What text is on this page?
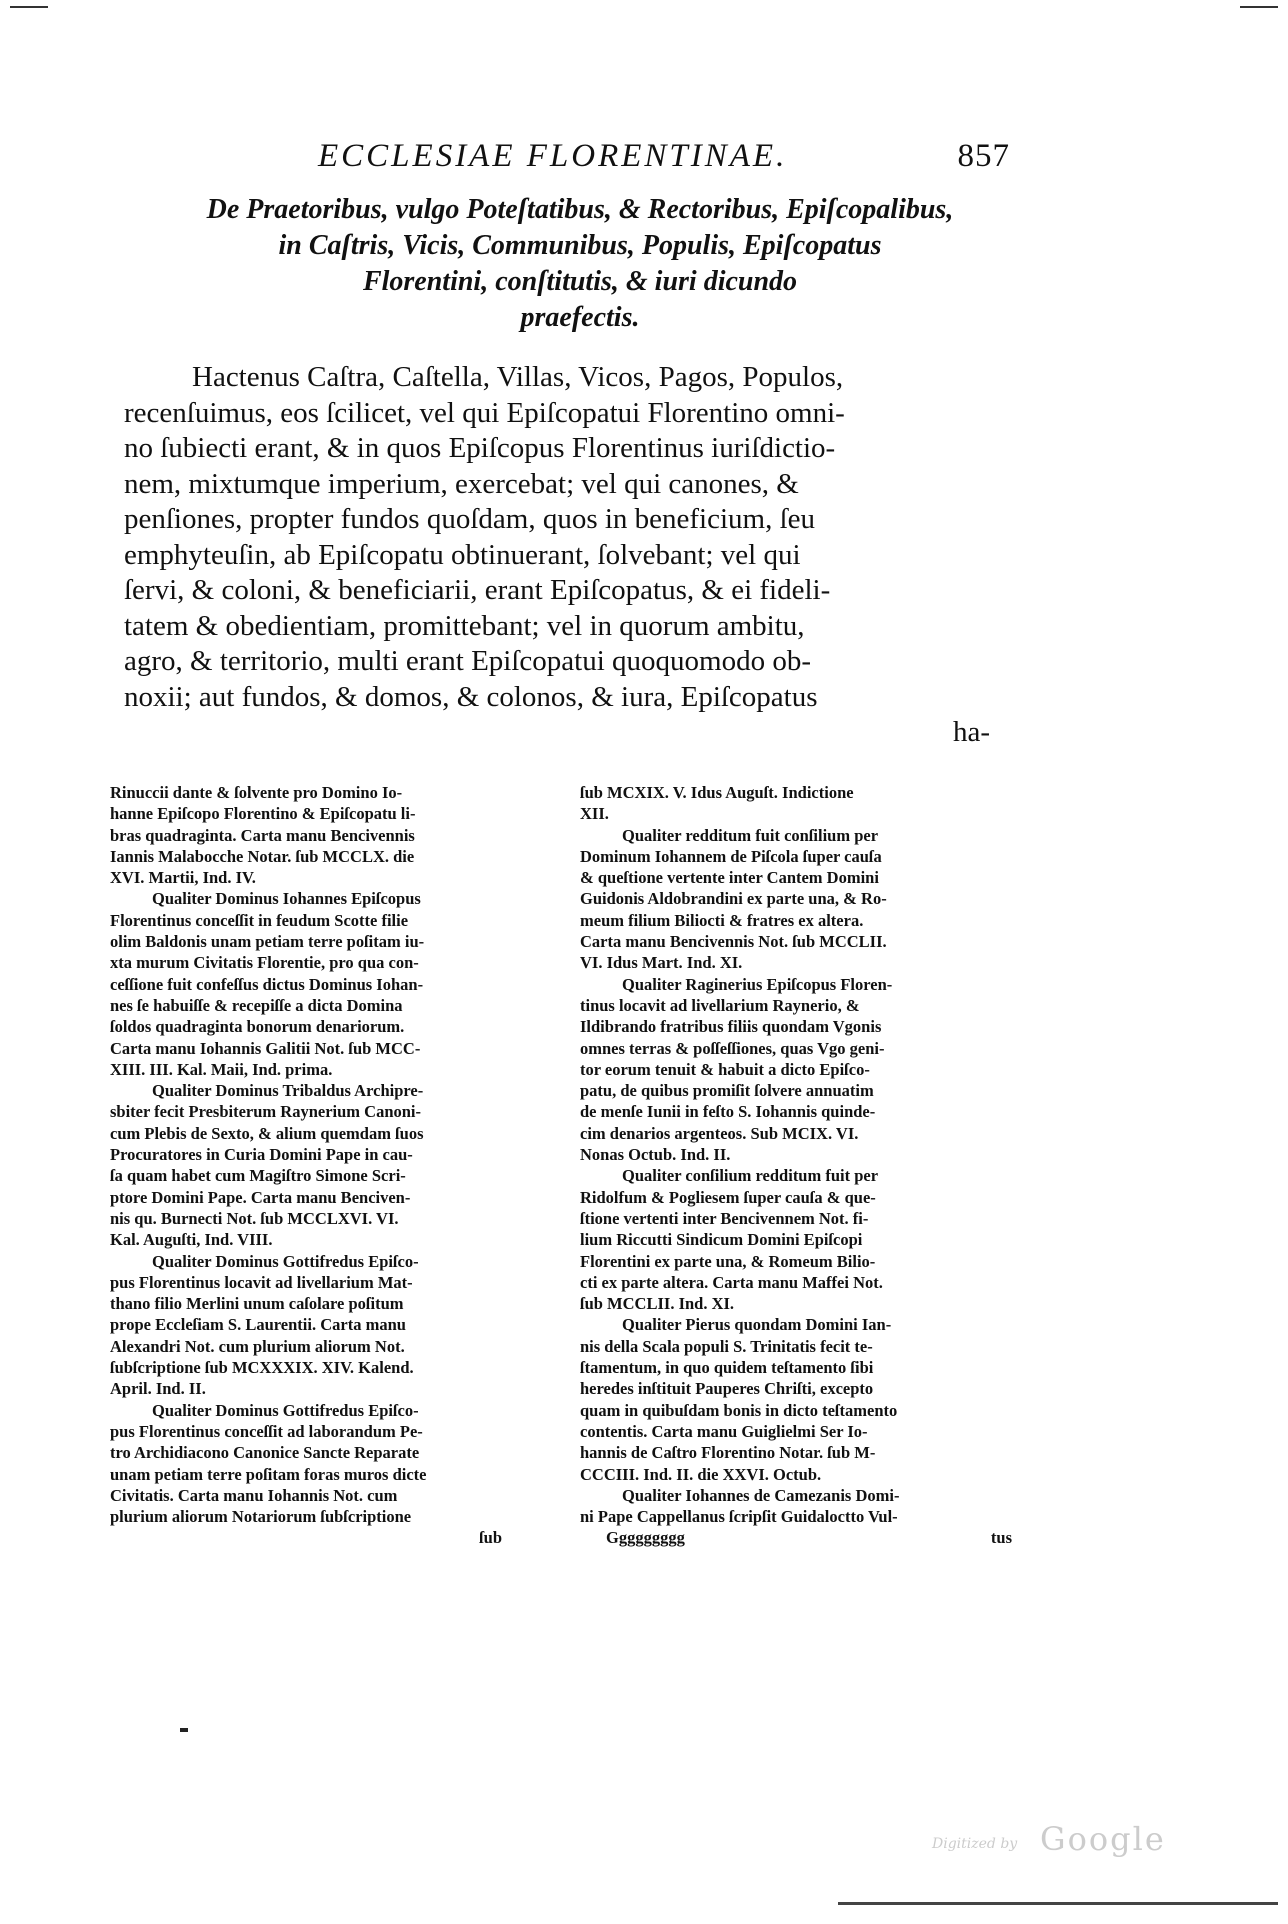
ECCLESIAE FLORENTINAE.	857
De Praetoribus, vulgo Poteſtatibus, & Rectoribus, Epiſcopalibus,
in Caſtris, Vicis, Communibus, Populis, Epiſcopatus
Florentini, conſtitutis, & iuri dicundo
praefectis.
Hactenus Caſtra, Caſtella, Villas, Vicos, Pagos, Populos,
recenſuimus, eos ſcilicet, vel qui Epiſcopatui Florentino omni-
no ſubiecti erant, & in quos Epiſcopus Florentinus iuriſdictio-
nem, mixtumque imperium, exercebat; vel qui canones, &
penſiones, propter fundos quoſdam, quos in beneficium, ſeu
emphyteuſin, ab Epiſcopatu obtinuerant, ſolvebant; vel qui
ſervi, & coloni, & beneficiarii, erant Epiſcopatus, & ei fideli-
tatem & obedientiam, promittebant; vel in quorum ambitu,
agro, & territorio, multi erant Epiſcopatui quoquomodo ob-
noxii; aut fundos, & domos, & colonos, & iura, Epiſcopatus
ha-
Rinuccii dante & ſolvente pro Domino Io-
hanne Epiſcopo Florentino & Epiſcopatu li-
bras quadraginta. Carta manu Bencivennis
Iannis Malabocche Notar. ſub MCCLX. die
XVI. Martii, Ind. IV.
Qualiter Dominus Iohannes Epiſcopus
Florentinus conceſſit in feudum Scotte filie
olim Baldonis unam petiam terre poſitam iu-
xta murum Civitatis Florentie, pro qua con-
ceſſione fuit confeſſus dictus Dominus Iohan-
nes ſe habuiſſe & recepiſſe a dicta Domina
ſoldos quadraginta bonorum denariorum.
Carta manu Iohannis Galitii Not. ſub MCC-
XIII. III. Kal. Maii, Ind. prima.
Qualiter Dominus Tribaldus Archipre-
sbiter fecit Presbiterum Raynerium Canoni-
cum Plebis de Sexto, & alium quemdam ſuos
Procuratores in Curia Domini Pape in cau-
ſa quam habet cum Magiſtro Simone Scri-
ptore Domini Pape. Carta manu Benciven-
nis qu. Burnecti Not. ſub MCCLXVI. VI.
Kal. Auguſti, Ind. VIII.
Qualiter Dominus Gottifredus Epiſco-
pus Florentinus locavit ad livellarium Mat-
thano filio Merlini unum caſolare poſitum
prope Eccleſiam S. Laurentii. Carta manu
Alexandri Not. cum plurium aliorum Not.
ſubſcriptione ſub MCXXXIX. XIV. Kalend.
April. Ind. II.
Qualiter Dominus Gottifredus Epiſco-
pus Florentinus conceſſit ad laborandum Pe-
tro Archidiacono Canonice Sancte Reparate
unam petiam terre poſitam foras muros dicte
Civitatis. Carta manu Iohannis Not. cum
plurium aliorum Notariorum ſubſcriptione
ſub
ſub MCXIX. V. Idus Auguſt. Indictione
XII.
Qualiter redditum fuit conſilium per
Dominum Iohannem de Piſcola ſuper cauſa
& queſtione vertente inter Cantem Domini
Guidonis Aldobrandini ex parte una, & Ro-
meum filium Biliocti & fratres ex altera.
Carta manu Bencivennis Not. ſub MCCLII.
VI. Idus Mart. Ind. XI.
Qualiter Raginerius Epiſcopus Floren-
tinus locavit ad livellarium Raynerio, &
Ildibrando fratribus filiis quondam Vgonis
omnes terras & poſſeſſiones, quas Vgo geni-
tor eorum tenuit & habuit a dicto Epiſco-
patu, de quibus promiſit ſolvere annuatim
de menſe Iunii in feſto S. Iohannis quinde-
cim denarios argenteos. Sub MCIX. VI.
Nonas Octub. Ind. II.
Qualiter conſilium redditum fuit per
Ridolfum & Pogliesem ſuper cauſa & que-
ſtione vertenti inter Bencivennem Not. fi-
lium Riccutti Sindicum Domini Epiſcopi
Florentini ex parte una, & Romeum Bilio-
cti ex parte altera. Carta manu Maffei Not.
ſub MCCLII. Ind. XI.
Qualiter Pierus quondam Domini Ian-
nis della Scala populi S. Trinitatis fecit te-
ſtamentum, in quo quidem teſtamento ſibi
heredes inſtituit Pauperes Chriſti, excepto
quam in quibuſdam bonis in dicto teſtamento
contentis. Carta manu Guiglielmi Ser Io-
hannis de Caſtro Florentino Notar. ſub M-
CCCIII. Ind. II. die XXVI. Octub.
Qualiter Iohannes de Camezanis Domi-
ni Pape Cappellanus ſcripſit Guidaloctto Vul-
Ggggggggg	tus
Digitized by Google
